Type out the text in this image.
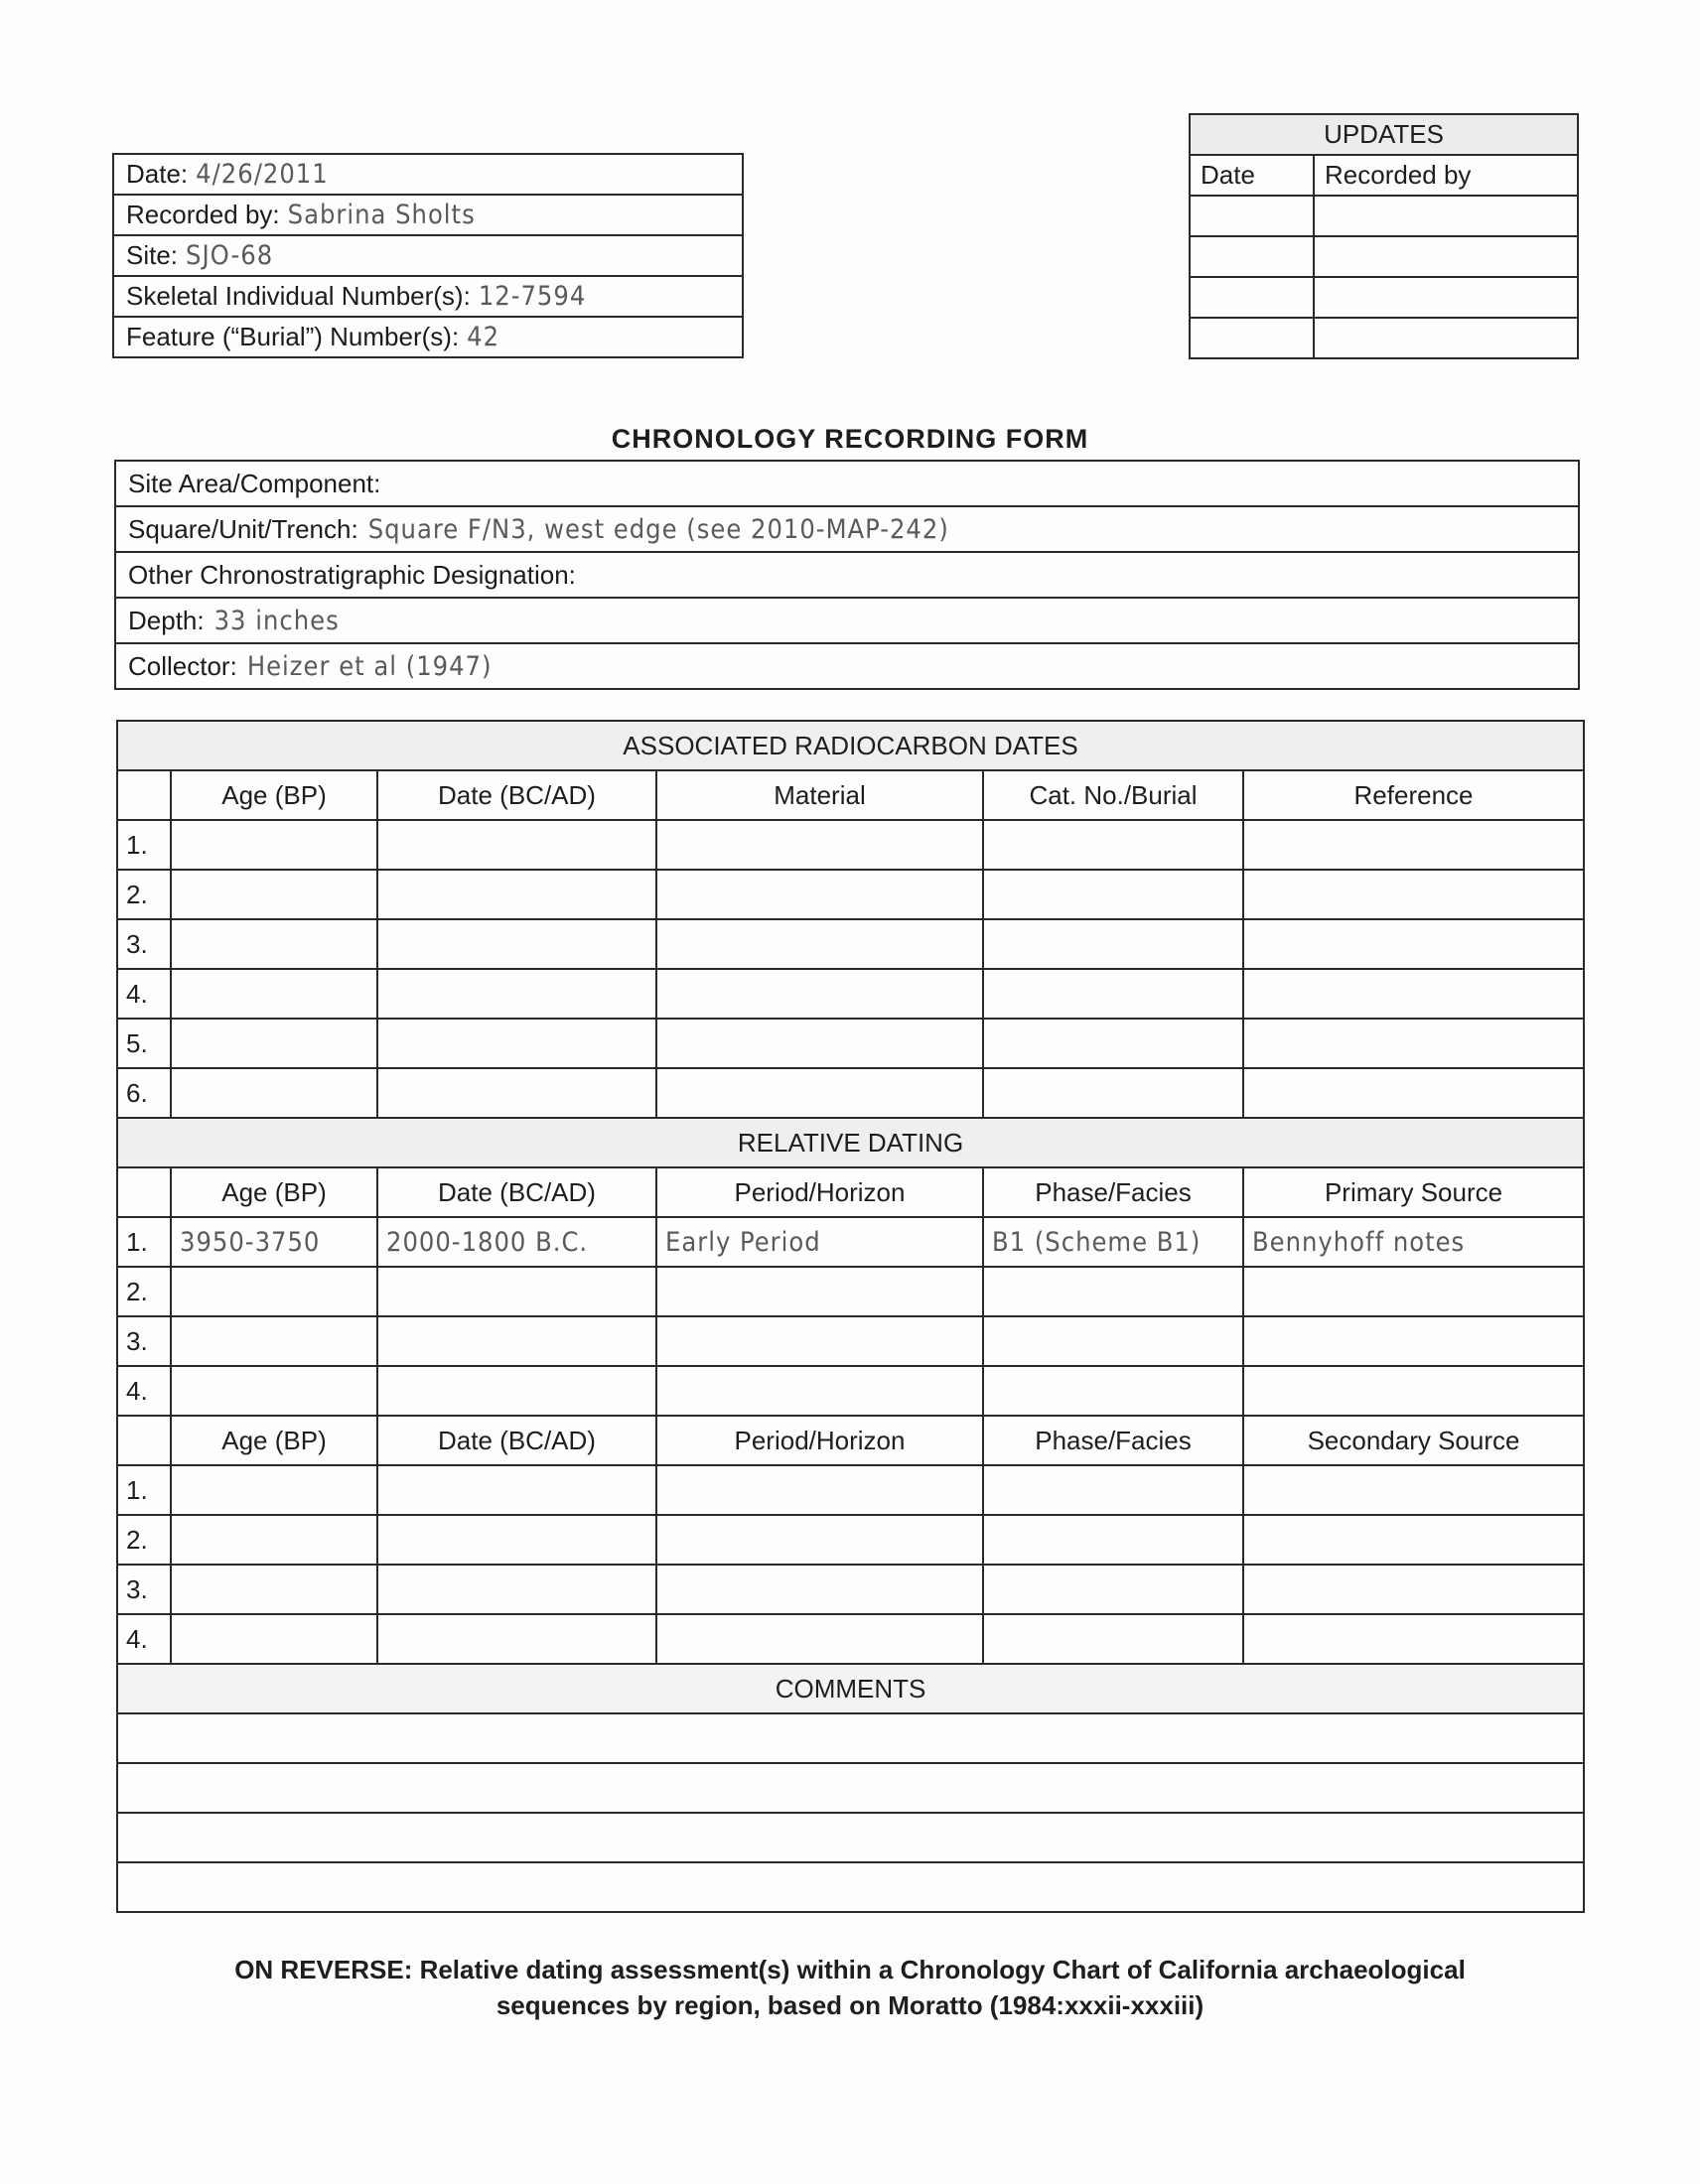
Date: 4/26/2011
Recorded by: Sabrina Sholts
Site: SJO-68
Skeletal Individual Number(s): 12-7594
Feature (“Burial”) Number(s): 42
UPDATES	
Date	Recorded by

CHRONOLOGY RECORDING FORM
Site Area/Component:
Square/Unit/Trench: Square F/N3, west edge (see 2010-MAP-242)
Other Chronostratigraphic Designation:
Depth: 33 inches
Collector: Heizer et al (1947)
ASSOCIATED RADIOCARBON DATES					
	Age (BP)	Date (BC/AD)	Material	Cat. No./Burial	Reference
1.					
2.					
3.					
4.					
5.					
6.					
RELATIVE DATING					
	Age (BP)	Date (BC/AD)	Period/Horizon	Phase/Facies	Primary Source
1.	3950-3750	2000-1800 B.C.	Early Period	B1 (Scheme B1)	Bennyhoff notes
2.					
3.					
4.					
	Age (BP)	Date (BC/AD)	Period/Horizon	Phase/Facies	Secondary Source
1.					
2.					
3.					
4.					
COMMENTS					

ON REVERSE: Relative dating assessment(s) within a Chronology Chart of California archaeological
sequences by region, based on Moratto (1984:xxxii-xxxiii)
